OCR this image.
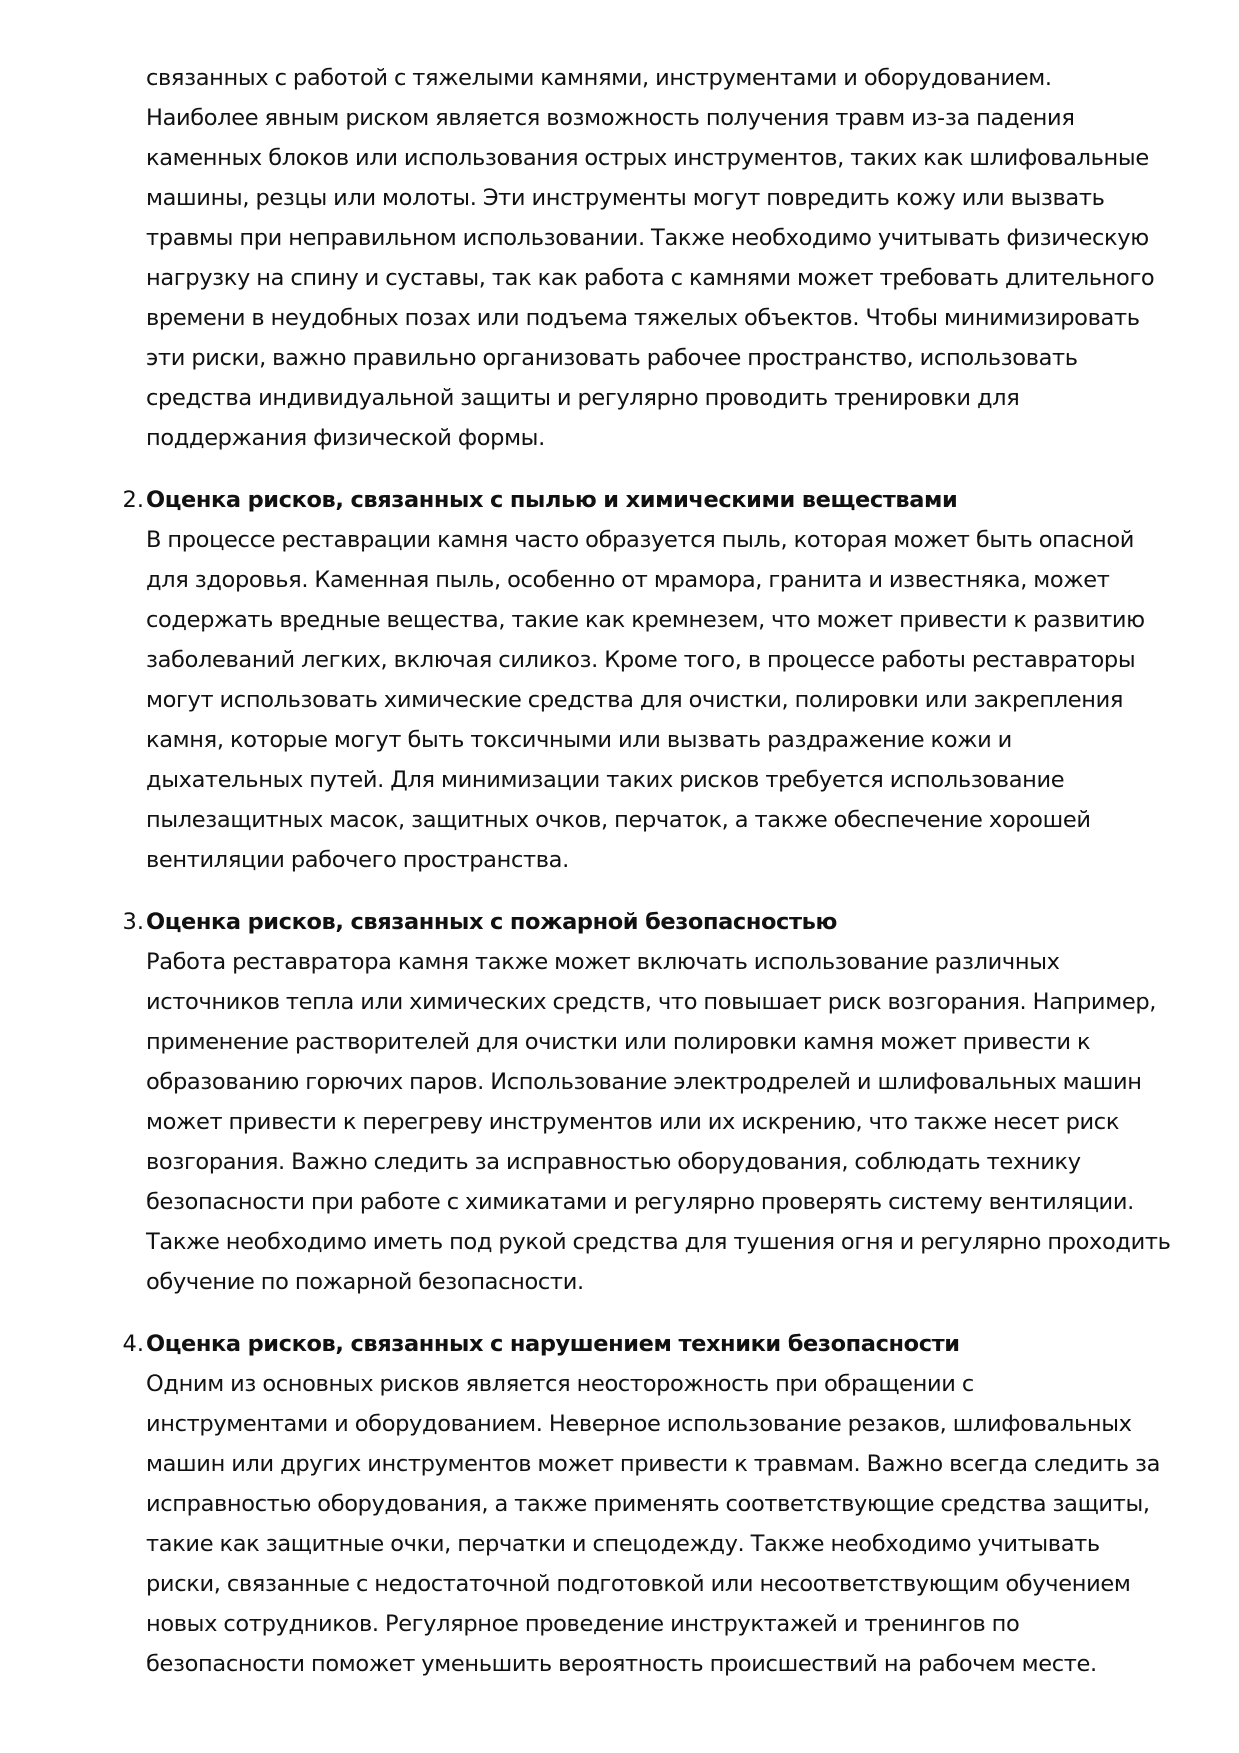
связанных с работой с тяжелыми камнями, инструментами и оборудованием.
Наиболее явным риском является возможность получения травм из-за падения
каменных блоков или использования острых инструментов, таких как шлифовальные
машины, резцы или молоты. Эти инструменты могут повредить кожу или вызвать
травмы при неправильном использовании. Также необходимо учитывать физическую
нагрузку на спину и суставы, так как работа с камнями может требовать длительного
времени в неудобных позах или подъема тяжелых объектов. Чтобы минимизировать
эти риски, важно правильно организовать рабочее пространство, использовать
средства индивидуальной защиты и регулярно проводить тренировки для
поддержания физической формы.
2. Оценка рисков, связанных с пылью и химическими веществами

В процессе реставрации камня часто образуется пыль, которая может быть опасной
для здоровья. Каменная пыль, особенно от мрамора, гранита и известняка, может
содержать вредные вещества, такие как кремнезем, что может привести к развитию
заболеваний легких, включая силикоз. Кроме того, в процессе работы реставраторы
могут использовать химические средства для очистки, полировки или закрепления
камня, которые могут быть токсичными или вызвать раздражение кожи и
дыхательных путей. Для минимизации таких рисков требуется использование
пылезащитных масок, защитных очков, перчаток, а также обеспечение хорошей
вентиляции рабочего пространства.

3. Оценка рисков, связанных с пожарной безопасностью

Работа реставратора камня также может включать использование различных
источников тепла или химических средств, что повышает риск возгорания. Например,
применение растворителей для очистки или полировки камня может привести к
образованию горючих паров. Использование электродрелей и шлифовальных машин
может привести к перегреву инструментов или их искрению, что также несет риск
возгорания. Важно следить за исправностью оборудования, соблюдать технику
безопасности при работе с химикатами и регулярно проверять систему вентиляции.
Также необходимо иметь под рукой средства для тушения огня и регулярно проходить
обучение по пожарной безопасности.

4. Оценка рисков, связанных с нарушением техники безопасности

Одним из основных рисков является неосторожность при обращении с
инструментами и оборудованием. Неверное использование резаков, шлифовальных
машин или других инструментов может привести к травмам. Важно всегда следить за
исправностью оборудования, а также применять соответствующие средства защиты,
такие как защитные очки, перчатки и спецодежду. Также необходимо учитывать
риски, связанные с недостаточной подготовкой или несоответствующим обучением
новых сотрудников. Регулярное проведение инструктажей и тренингов по
безопасности поможет уменьшить вероятность происшествий на рабочем месте.
